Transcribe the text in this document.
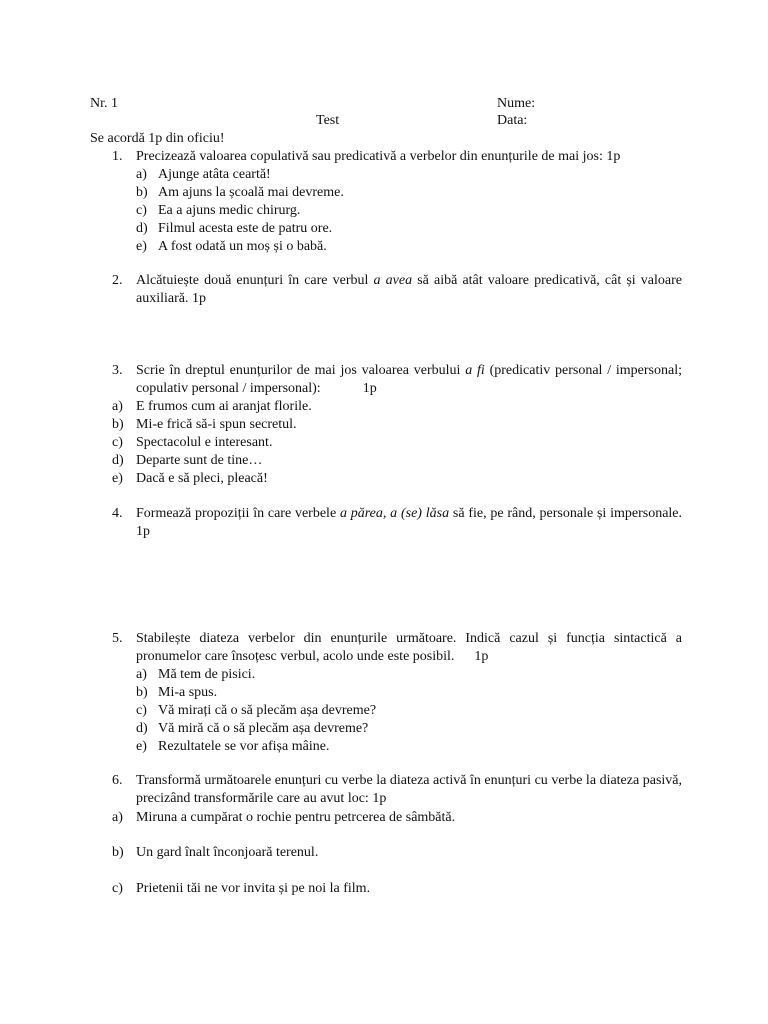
Nr. 1	Nume:
Test	Data:
Se acordă 1p din oficiu!
1. Precizează valoarea copulativă sau predicativă a verbelor din enunțurile de mai jos: 1p
a) Ajunge atâta ceartă!
b) Am ajuns la școală mai devreme.
c) Ea a ajuns medic chirurg.
d) Filmul acesta este de patru ore.
e) A fost odată un moș și o babă.
2. Alcătuiește două enunțuri în care verbul a avea să aibă atât valoare predicativă, cât și valoare auxiliară. 1p
3. Scrie în dreptul enunțurilor de mai jos valoarea verbului a fi (predicativ personal / impersonal; copulativ personal / impersonal):	1p
a) E frumos cum ai aranjat florile.
b) Mi-e frică să-i spun secretul.
c) Spectacolul e interesant.
d) Departe sunt de tine…
e) Dacă e să pleci, pleacă!
4. Formează propoziții în care verbele a părea, a (se) lăsa să fie, pe rând, personale și impersonale. 1p
5. Stabilește diateza verbelor din enunțurile următoare. Indică cazul și funcția sintactică a pronumelor care însoțesc verbul, acolo unde este posibil. 1p
a) Mă tem de pisici.
b) Mi-a spus.
c) Vă mirați că o să plecăm așa devreme?
d) Vă miră că o să plecăm așa devreme?
e) Rezultatele se vor afișa mâine.
6. Transformă următoarele enunțuri cu verbe la diateza activă în enunțuri cu verbe la diateza pasivă, precizând transformările care au avut loc: 1p
a) Miruna a cumpărat o rochie pentru petrcerea de sâmbătă.
b) Un gard înalt înconjoară terenul.
c) Prietenii tăi ne vor invita și pe noi la film.
